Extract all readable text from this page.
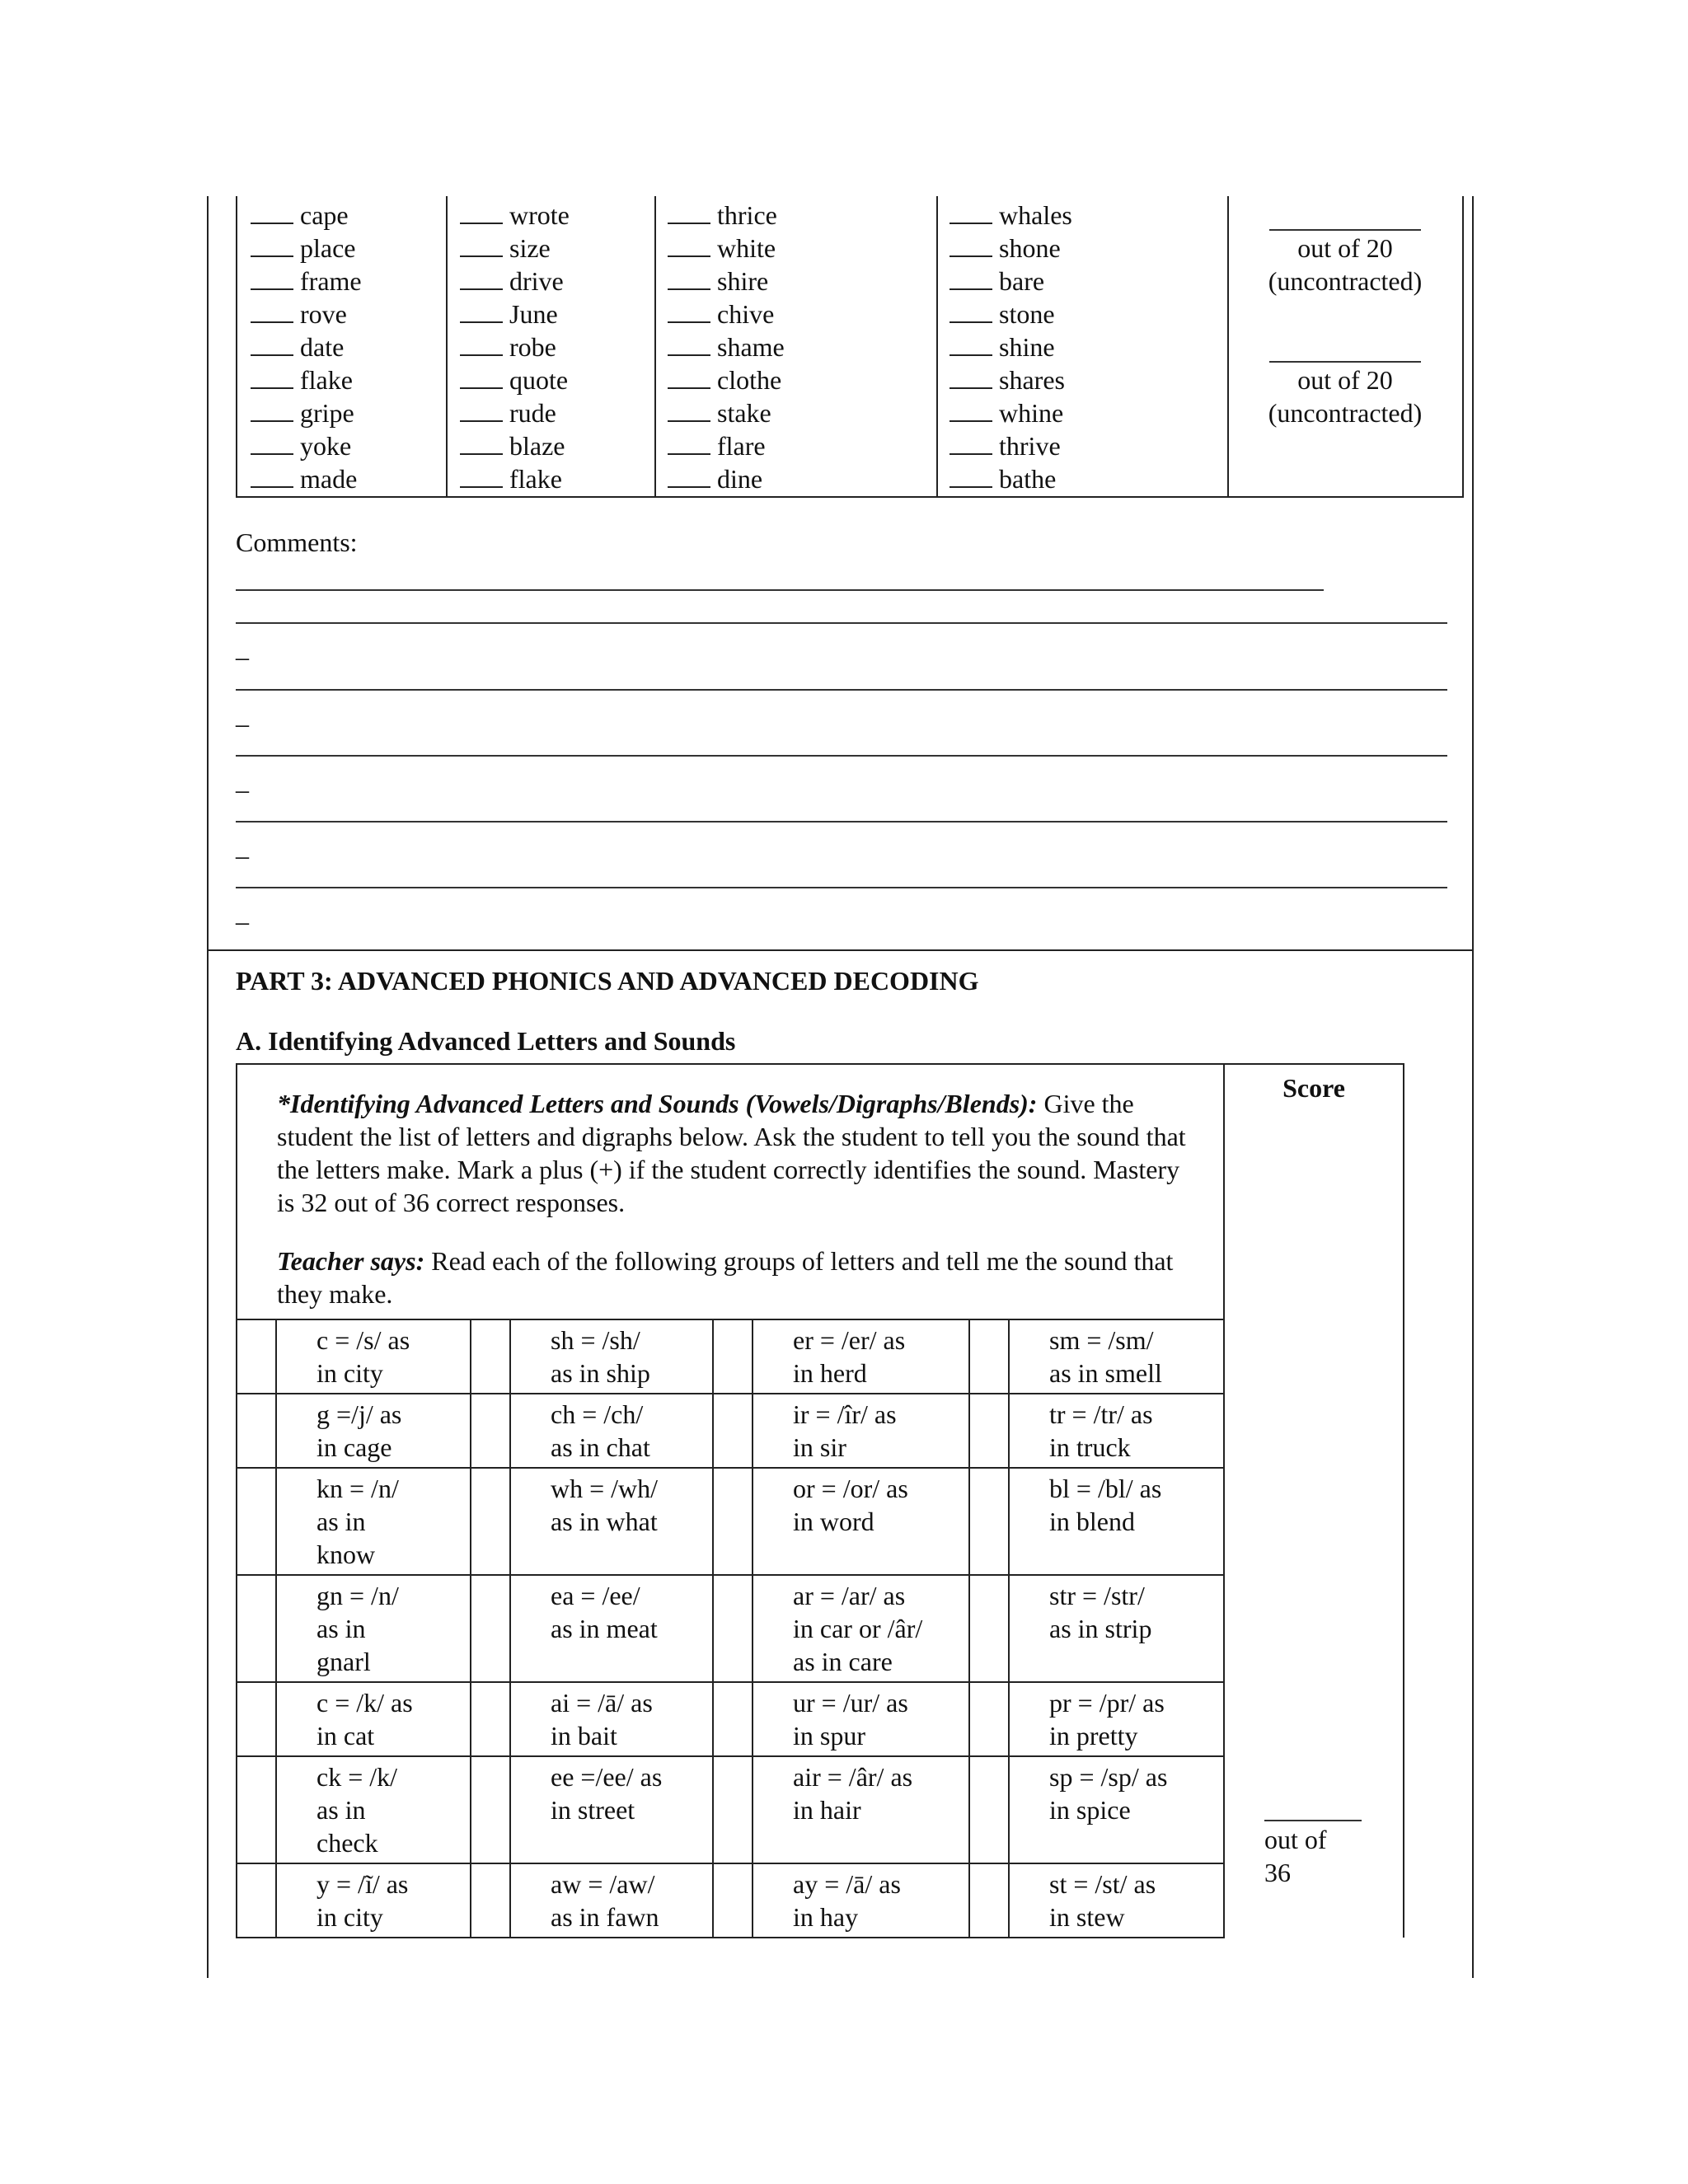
cape
place
frame
rove
date
flake
gripe
yoke
made
wrote
size
drive
June
robe
quote
rude
blaze
flake
thrice
white
shire
chive
shame
clothe
stake
flare
dine
whales
shone
bare
stone
shine
shares
whine
thrive
bathe
out of 20
(uncontracted)
out of 20
(uncontracted)
Comments:
_
_
_
_
_
PART 3: ADVANCED PHONICS AND ADVANCED DECODING
A. Identifying Advanced Letters and Sounds
Score
*Identifying Advanced Letters and Sounds (Vowels/Digraphs/Blends): Give the student the list of letters and digraphs below. Ask the student to tell you the sound that the letters make. Mark a plus (+) if the student correctly identifies the sound. Mastery is 32 out of 36 correct responses.
Teacher says: Read each of the following groups of letters and tell me the sound that they make.
c = /s/ as
in city
sh = /sh/
as in ship
er = /er/ as
in herd
sm = /sm/
as in smell
g =/j/ as
in cage
ch = /ch/
as in chat
ir = /îr/ as
in sir
tr = /tr/ as
in truck
kn = /n/
as in
know
wh = /wh/
as in what
or = /or/ as
in word
bl = /bl/ as
in blend
gn = /n/
as in
gnarl
ea = /ee/
as in meat
ar = /ar/ as
in car or /âr/
as in care
str = /str/
as in strip
c = /k/ as
in cat
ai = /ā/ as
in bait
ur = /ur/ as
in spur
pr = /pr/ as
in pretty
ck = /k/
as in
check
ee =/ee/ as
in street
air = /âr/ as
in hair
sp = /sp/ as
in spice
y = /ĩ/ as
in city
aw = /aw/
as in fawn
ay = /ā/ as
in hay
st = /st/ as
in stew
out of
36
